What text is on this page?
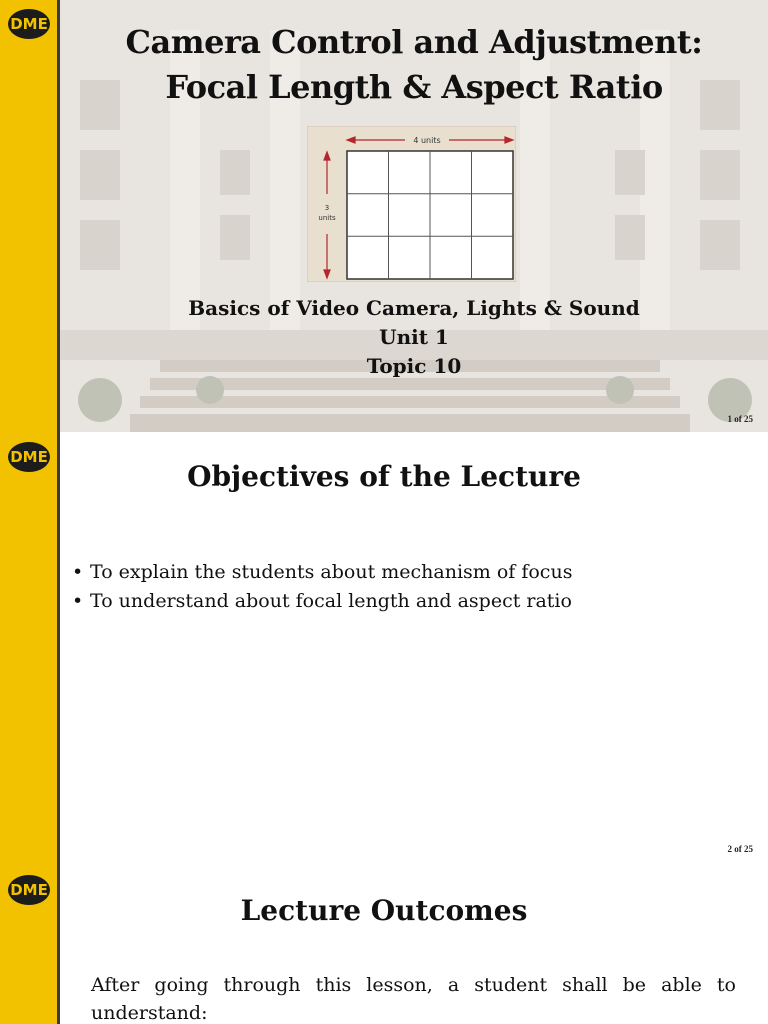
DME	Camera Control and Adjustment:
Focal Length & Aspect Ratio
4 units
3
units
Basics of Video Camera, Lights & Sound
Unit 1
Topic 10
1 of 25
DME
Objectives of the Lecture
• To explain the students about mechanism of focus
• To understand about focal length and aspect ratio
2 of 25
DME
Lecture Outcomes
After going through this lesson, a student shall be able to understand:
